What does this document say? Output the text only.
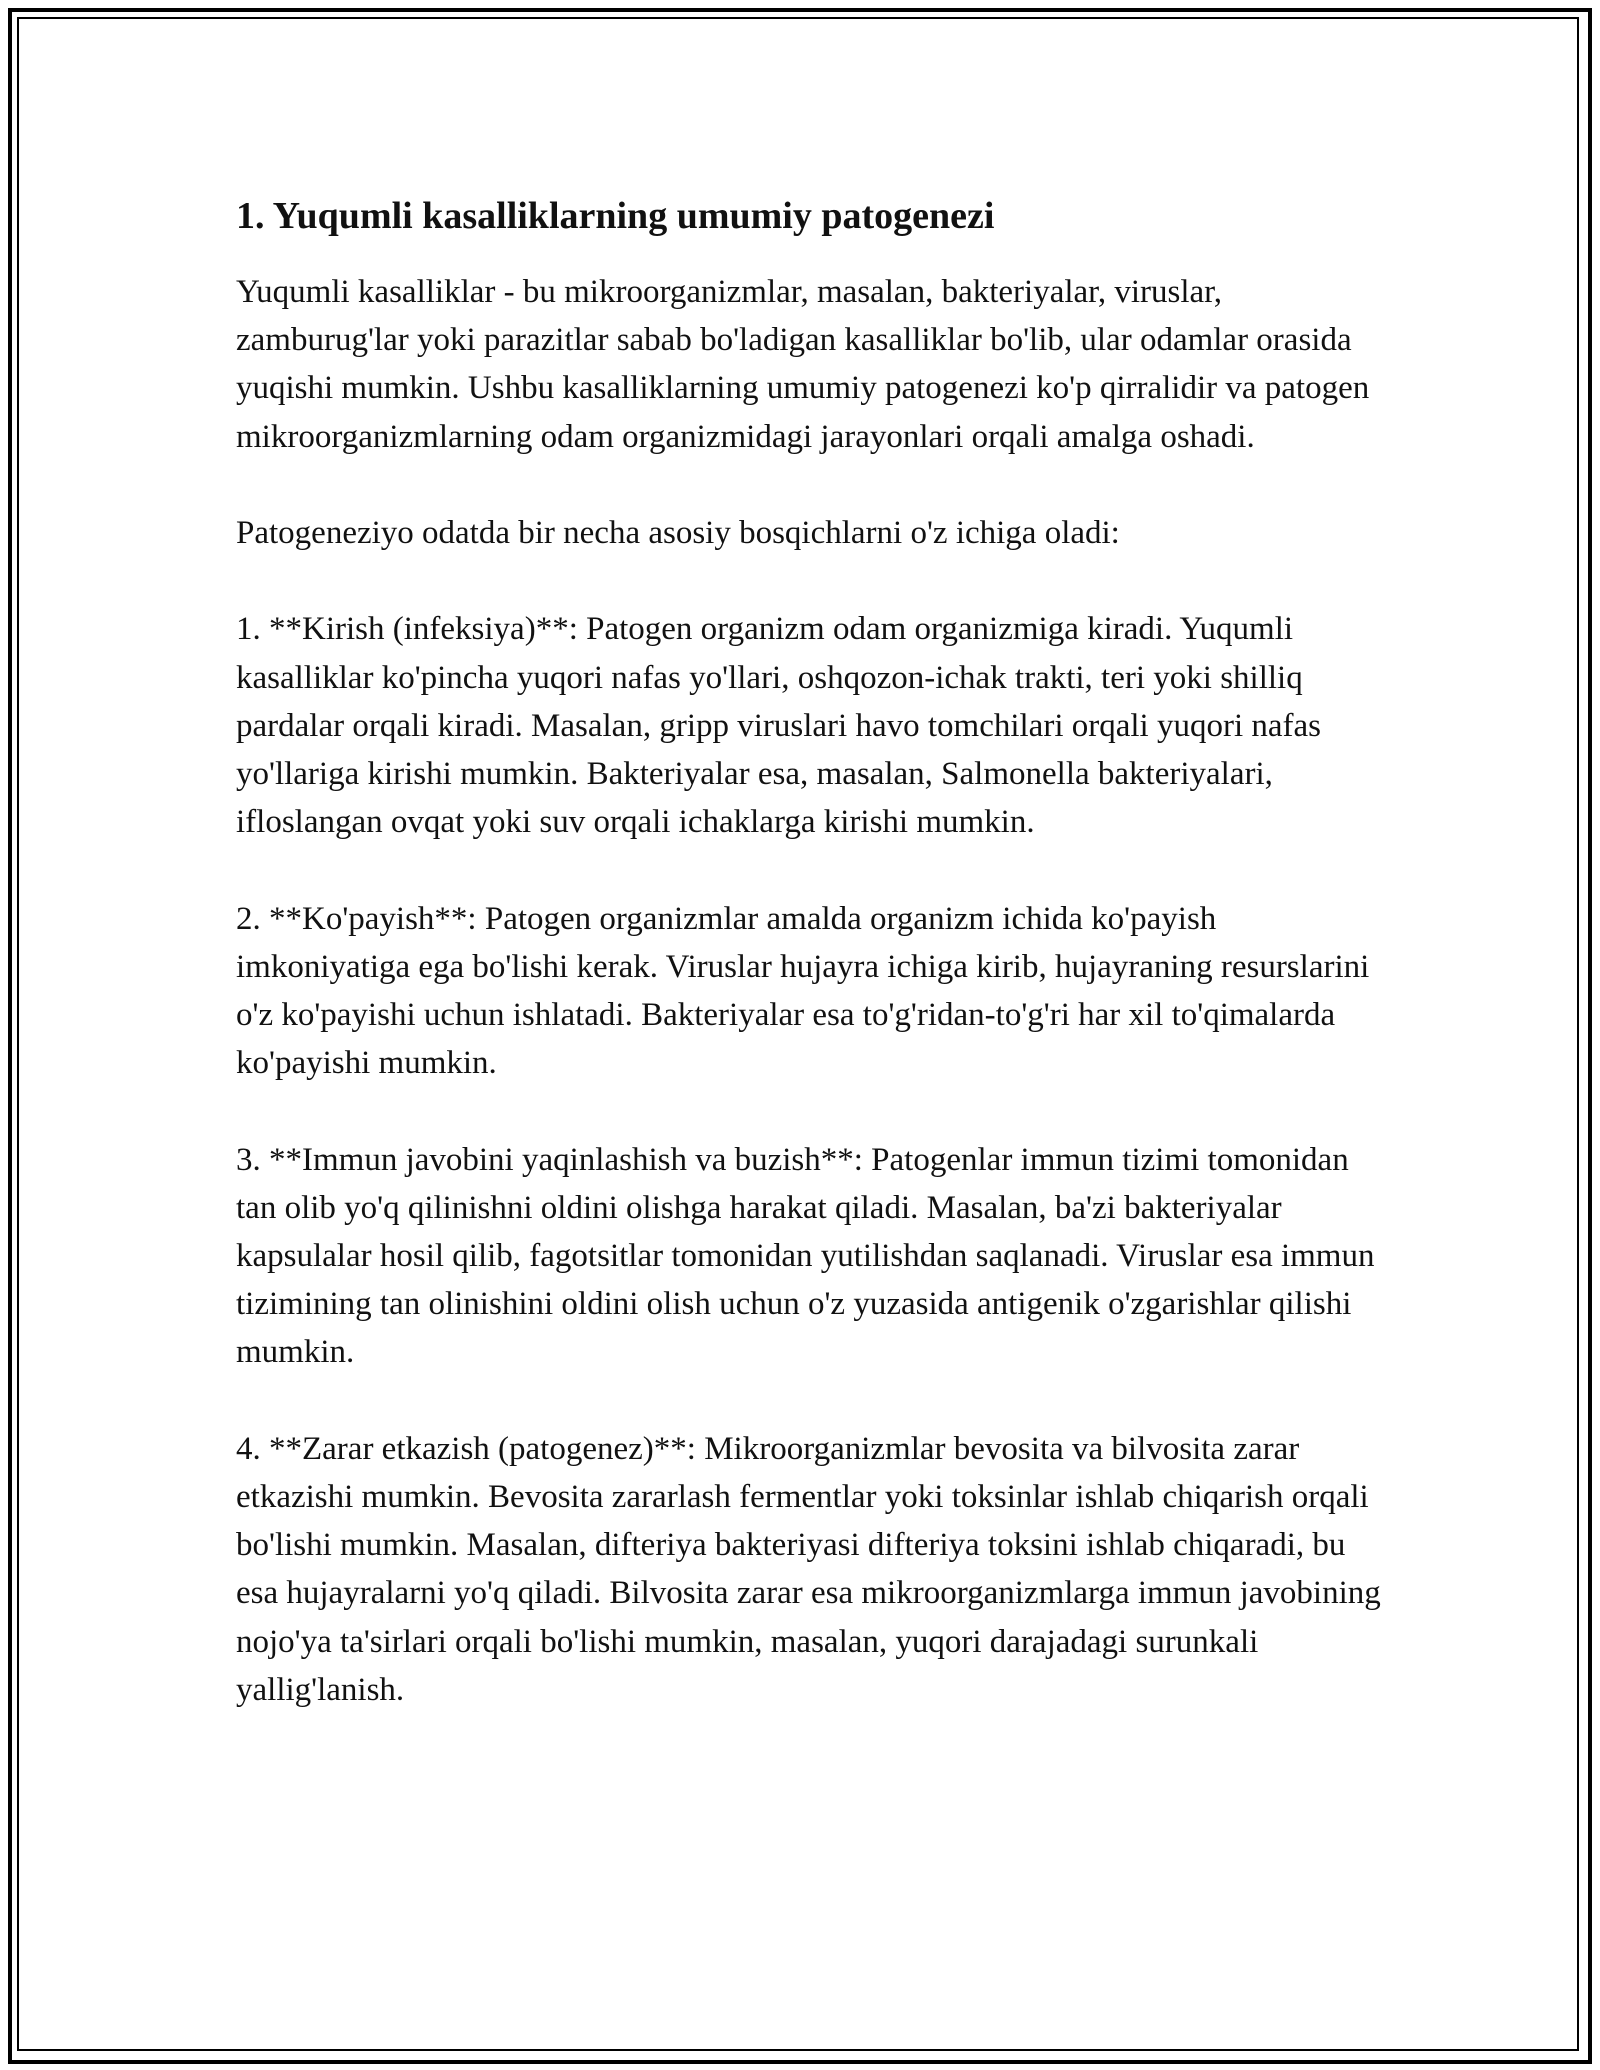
1. Yuqumli kasalliklarning umumiy patogenezi

Yuqumli kasalliklar - bu mikroorganizmlar, masalan, bakteriyalar, viruslar, zamburug'lar yoki parazitlar sabab bo'ladigan kasalliklar bo'lib, ular odamlar orasida yuqishi mumkin. Ushbu kasalliklarning umumiy patogenezi ko'p qirralidir va patogen mikroorganizmlarning odam organizmidagi jarayonlari orqali amalga oshadi.

Patogeneziyo odatda bir necha asosiy bosqichlarni o'z ichiga oladi:

1. **Kirish (infeksiya)**: Patogen organizm odam organizmiga kiradi. Yuqumli kasalliklar ko'pincha yuqori nafas yo'llari, oshqozon-ichak trakti, teri yoki shilliq pardalar orqali kiradi. Masalan, gripp viruslari havo tomchilari orqali yuqori nafas yo'llariga kirishi mumkin. Bakteriyalar esa, masalan, Salmonella bakteriyalari, ifloslangan ovqat yoki suv orqali ichaklarga kirishi mumkin.

2. **Ko'payish**: Patogen organizmlar amalda organizm ichida ko'payish imkoniyatiga ega bo'lishi kerak. Viruslar hujayra ichiga kirib, hujayraning resurslarini o'z ko'payishi uchun ishlatadi. Bakteriyalar esa to'g'ridan-to'g'ri har xil to'qimalarda ko'payishi mumkin.

3. **Immun javobini yaqinlashish va buzish**: Patogenlar immun tizimi tomonidan tan olib yo'q qilinishni oldini olishga harakat qiladi. Masalan, ba'zi bakteriyalar kapsulalar hosil qilib, fagotsitlar tomonidan yutilishdan saqlanadi. Viruslar esa immun tizimining tan olinishini oldini olish uchun o'z yuzasida antigenik o'zgarishlar qilishi mumkin.

4. **Zarar etkazish (patogenez)**: Mikroorganizmlar bevosita va bilvosita zarar etkazishi mumkin. Bevosita zararlash fermentlar yoki toksinlar ishlab chiqarish orqali bo'lishi mumkin. Masalan, difteriya bakteriyasi difteriya toksini ishlab chiqaradi, bu esa hujayralarni yo'q qiladi. Bilvosita zarar esa mikroorganizmlarga immun javobining nojo'ya ta'sirlari orqali bo'lishi mumkin, masalan, yuqori darajadagi surunkali yallig'lanish.
